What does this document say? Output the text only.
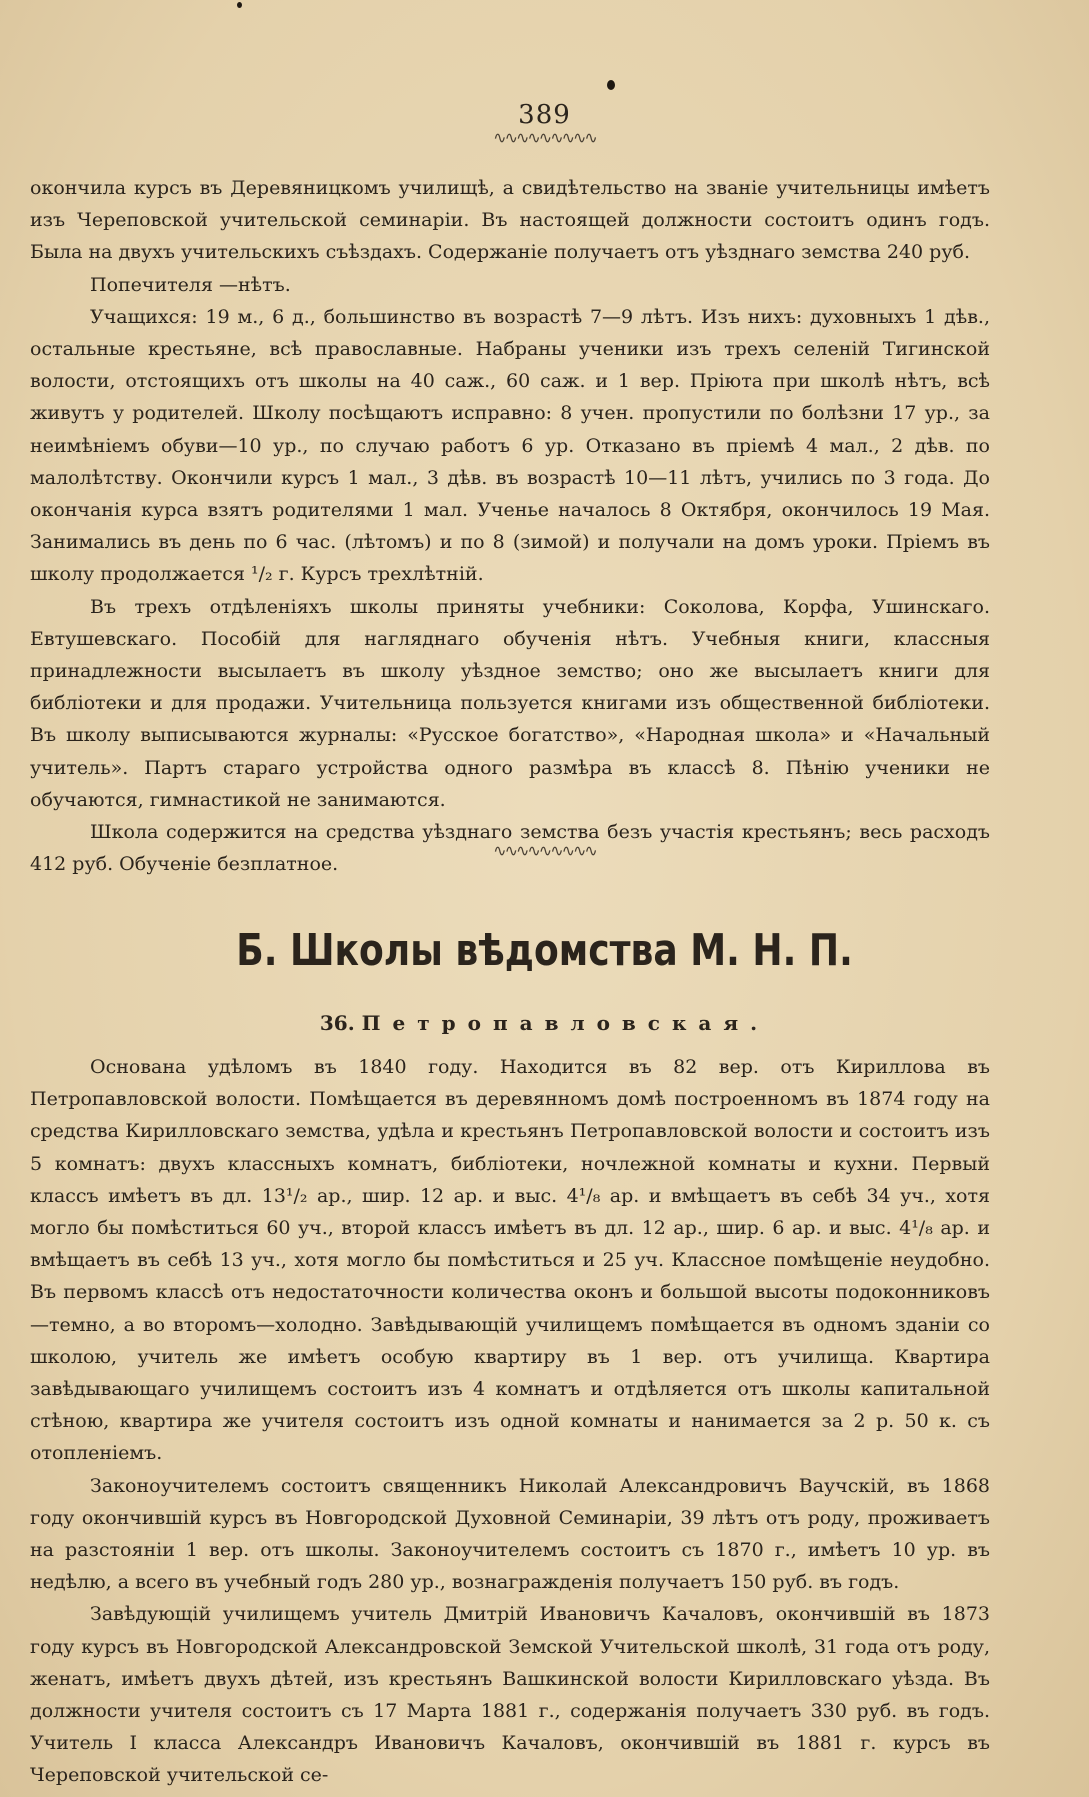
389
∿∿∿∿∿∿∿∿∿

окончила курсъ въ Деревяницкомъ училищѣ, а свидѣтельство на званіе учительницы имѣетъ изъ Череповской учительской семинаріи. Въ настоящей должности состоитъ одинъ годъ. Была на двухъ учительскихъ съѣздахъ. Содержаніе получаетъ отъ уѣзднаго земства 240 руб.

Попечителя —нѣтъ.

Учащихся: 19 м., 6 д., большинство въ возрастѣ 7—9 лѣтъ. Изъ нихъ: духовныхъ 1 дѣв., остальные крестьяне, всѣ православные. Набраны ученики изъ трехъ селеній Тигинской волости, отстоящихъ отъ школы на 40 саж., 60 саж. и 1 вер. Пріюта при школѣ нѣтъ, всѣ живутъ у родителей. Школу посѣщаютъ исправно: 8 учен. пропустили по болѣзни 17 ур., за неимѣніемъ обуви—10 ур., по случаю работъ 6 ур. Отказано въ пріемѣ 4 мал., 2 дѣв. по малолѣтству. Окончили курсъ 1 мал., 3 дѣв. въ возрастѣ 10—11 лѣтъ, учились по 3 года. До окончанія курса взятъ родителями 1 мал. Ученье началось 8 Октября, окончилось 19 Мая. Занимались въ день по 6 час. (лѣтомъ) и по 8 (зимой) и получали на домъ уроки. Пріемъ въ школу продолжается ¹/₂ г. Курсъ трехлѣтній.

Въ трехъ отдѣленіяхъ школы приняты учебники: Соколова, Корфа, Ушинскаго. Евтушевскаго. Пособій для нагляднаго обученія нѣтъ. Учебныя книги, классныя принадлежности высылаетъ въ школу уѣздное земство; оно же высылаетъ книги для библіотеки и для продажи. Учительница пользуется книгами изъ общественной библіотеки. Въ школу выписываются журналы: «Русское богатство», «Народная школа» и «Начальный учитель». Партъ стараго устройства одного размѣра въ классѣ 8. Пѣнію ученики не обучаются, гимнастикой не занимаются.

Школа содержится на средства уѣзднаго земства безъ участія крестьянъ; весь расходъ 412 руб. Обученіе безплатное.

∿∿∿∿∿∿∿∿∿
Б. Школы вѣдомства М. Н. П.
36. Петропавловская.

Основана удѣломъ въ 1840 году. Находится въ 82 вер. отъ Кириллова въ Петропавловской волости. Помѣщается въ деревянномъ домѣ построенномъ въ 1874 году на средства Кирилловскаго земства, удѣла и крестьянъ Петропавловской волости и состоитъ изъ 5 комнатъ: двухъ классныхъ комнатъ, библіотеки, ночлежной комнаты и кухни. Первый классъ имѣетъ въ дл. 13¹/₂ ар., шир. 12 ар. и выс. 4¹/₈ ар. и вмѣщаетъ въ себѣ 34 уч., хотя могло бы помѣститься 60 уч., второй классъ имѣетъ въ дл. 12 ар., шир. 6 ар. и выс. 4¹/₈ ар. и вмѣщаетъ въ себѣ 13 уч., хотя могло бы помѣститься и 25 уч. Классное помѣщеніе неудобно. Въ первомъ классѣ отъ недостаточности количества оконъ и большой высоты подоконниковъ—темно, а во второмъ—холодно. Завѣдывающій училищемъ помѣщается въ одномъ зданіи со школою, учитель же имѣетъ особую квартиру въ 1 вер. отъ училища. Квартира завѣдывающаго училищемъ состоитъ изъ 4 комнатъ и отдѣляется отъ школы капитальной стѣною, квартира же учителя состоитъ изъ одной комнаты и нанимается за 2 р. 50 к. съ отопленіемъ.

Законоучителемъ состоитъ священникъ Николай Александровичъ Ваучскій, въ 1868 году окончившій курсъ въ Новгородской Духовной Семинаріи, 39 лѣтъ отъ роду, проживаетъ на разстояніи 1 вер. отъ школы. Законоучителемъ состоитъ съ 1870 г., имѣетъ 10 ур. въ недѣлю, а всего въ учебный годъ 280 ур., вознагражденія получаетъ 150 руб. въ годъ.

Завѣдующій училищемъ учитель Дмитрій Ивановичъ Качаловъ, окончившій въ 1873 году курсъ въ Новгородской Александровской Земской Учительской школѣ, 31 года отъ роду, женатъ, имѣетъ двухъ дѣтей, изъ крестьянъ Вашкинской волости Кирилловскаго уѣзда. Въ должности учителя состоитъ съ 17 Марта 1881 г., содержанія получаетъ 330 руб. въ годъ. Учитель I класса Александръ Ивановичъ Качаловъ, окончившій въ 1881 г. курсъ въ Череповской учительской се-
